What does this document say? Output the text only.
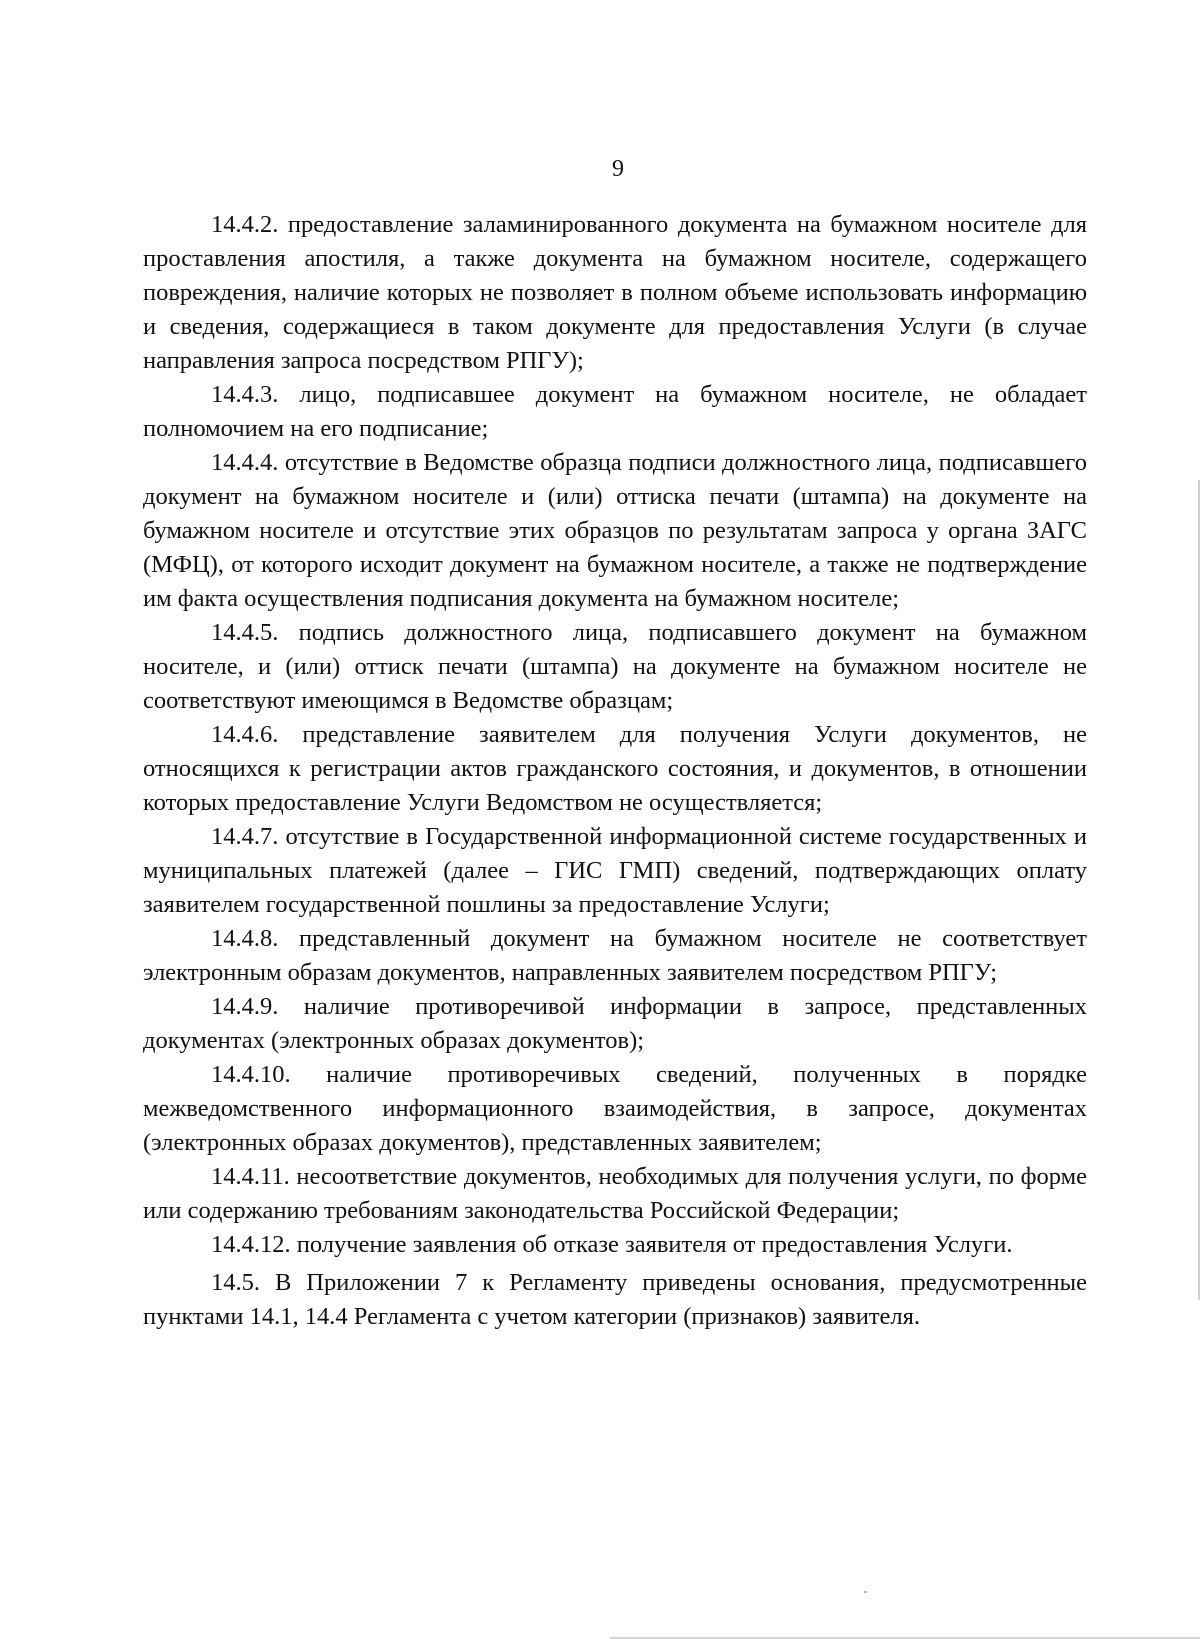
9

14.4.2. предоставление заламинированного документа на бумажном носителе для проставления апостиля, а также документа на бумажном носителе, содержащего повреждения, наличие которых не позволяет в полном объеме использовать информацию и сведения, содержащиеся в таком документе для предоставления Услуги (в случае направления запроса посредством РПГУ);

14.4.3. лицо, подписавшее документ на бумажном носителе, не обладает полномочием на его подписание;

14.4.4. отсутствие в Ведомстве образца подписи должностного лица, подписавшего документ на бумажном носителе и (или) оттиска печати (штампа) на документе на бумажном носителе и отсутствие этих образцов по результатам запроса у органа ЗАГС (МФЦ), от которого исходит документ на бумажном носителе, а также не подтверждение им факта осуществления подписания документа на бумажном носителе;

14.4.5. подпись должностного лица, подписавшего документ на бумажном носителе, и (или) оттиск печати (штампа) на документе на бумажном носителе не соответствуют имеющимся в Ведомстве образцам;

14.4.6. представление заявителем для получения Услуги документов, не относящихся к регистрации актов гражданского состояния, и документов, в отношении которых предоставление Услуги Ведомством не осуществляется;

14.4.7. отсутствие в Государственной информационной системе государственных и муниципальных платежей (далее – ГИС ГМП) сведений, подтверждающих оплату заявителем государственной пошлины за предоставление Услуги;

14.4.8. представленный документ на бумажном носителе не соответствует электронным образам документов, направленных заявителем посредством РПГУ;

14.4.9. наличие противоречивой информации в запросе, представленных документах (электронных образах документов);

14.4.10. наличие противоречивых сведений, полученных в порядке межведомственного информационного взаимодействия, в запросе, документах (электронных образах документов), представленных заявителем;

14.4.11. несоответствие документов, необходимых для получения услуги, по форме или содержанию требованиям законодательства Российской Федерации;

14.4.12. получение заявления об отказе заявителя от предоставления Услуги.

14.5. В Приложении 7 к Регламенту приведены основания, предусмотренные пунктами 14.1, 14.4 Регламента с учетом категории (признаков) заявителя.
